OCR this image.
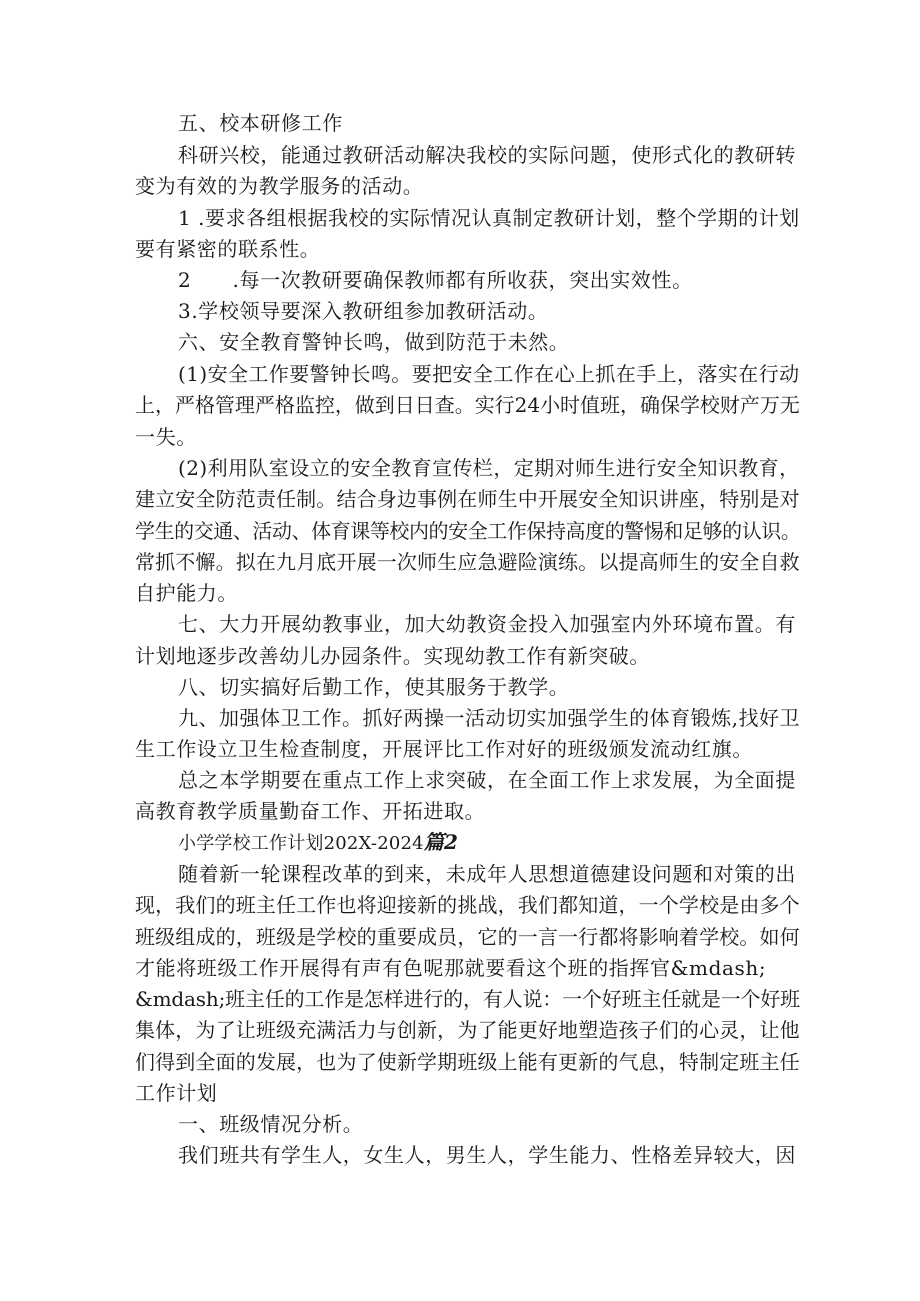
五、校本研修工作
科研兴校，能通过教研活动解决我校的实际问题，使形式化的教研转
变为有效的为教学服务的活动。
1 .要求各组根据我校的实际情况认真制定教研计划，整个学期的计划
要有紧密的联系性。
2　　.每一次教研要确保教师都有所收获，突出实效性。
3.学校领导要深入教研组参加教研活动。
六、安全教育警钟长鸣，做到防范于未然。
(1)安全工作要警钟长鸣。要把安全工作在心上抓在手上，落实在行动
上，严格管理严格监控，做到日日查。实行24小时值班，确保学校财产万无
一失。
(2)利用队室设立的安全教育宣传栏，定期对师生进行安全知识教育，
建立安全防范责任制。结合身边事例在师生中开展安全知识讲座，特别是对
学生的交通、活动、体育课等校内的安全工作保持高度的警惕和足够的认识。
常抓不懈。拟在九月底开展一次师生应急避险演练。以提高师生的安全自救
自护能力。
七、大力开展幼教事业，加大幼教资金投入加强室内外环境布置。有
计划地逐步改善幼儿办园条件。实现幼教工作有新突破。
八、切实搞好后勤工作，使其服务于教学。
九、加强体卫工作。抓好两操一活动切实加强学生的体育锻炼,找好卫
生工作设立卫生检查制度，开展评比工作对好的班级颁发流动红旗。
总之本学期要在重点工作上求突破，在全面工作上求发展，为全面提
高教育教学质量勤奋工作、开拓进取。
小学学校工作计划202X-2024篇2
随着新一轮课程改革的到来，未成年人思想道德建设问题和对策的出
现，我们的班主任工作也将迎接新的挑战，我们都知道，一个学校是由多个
班级组成的，班级是学校的重要成员，它的一言一行都将影响着学校。如何
才能将班级工作开展得有声有色呢那就要看这个班的指挥官&mdash;
&mdash;班主任的工作是怎样进行的，有人说：一个好班主任就是一个好班
集体，为了让班级充满活力与创新，为了能更好地塑造孩子们的心灵，让他
们得到全面的发展，也为了使新学期班级上能有更新的气息，特制定班主任
工作计划
一、班级情况分析。
我们班共有学生人，女生人，男生人，学生能力、性格差异较大，因
